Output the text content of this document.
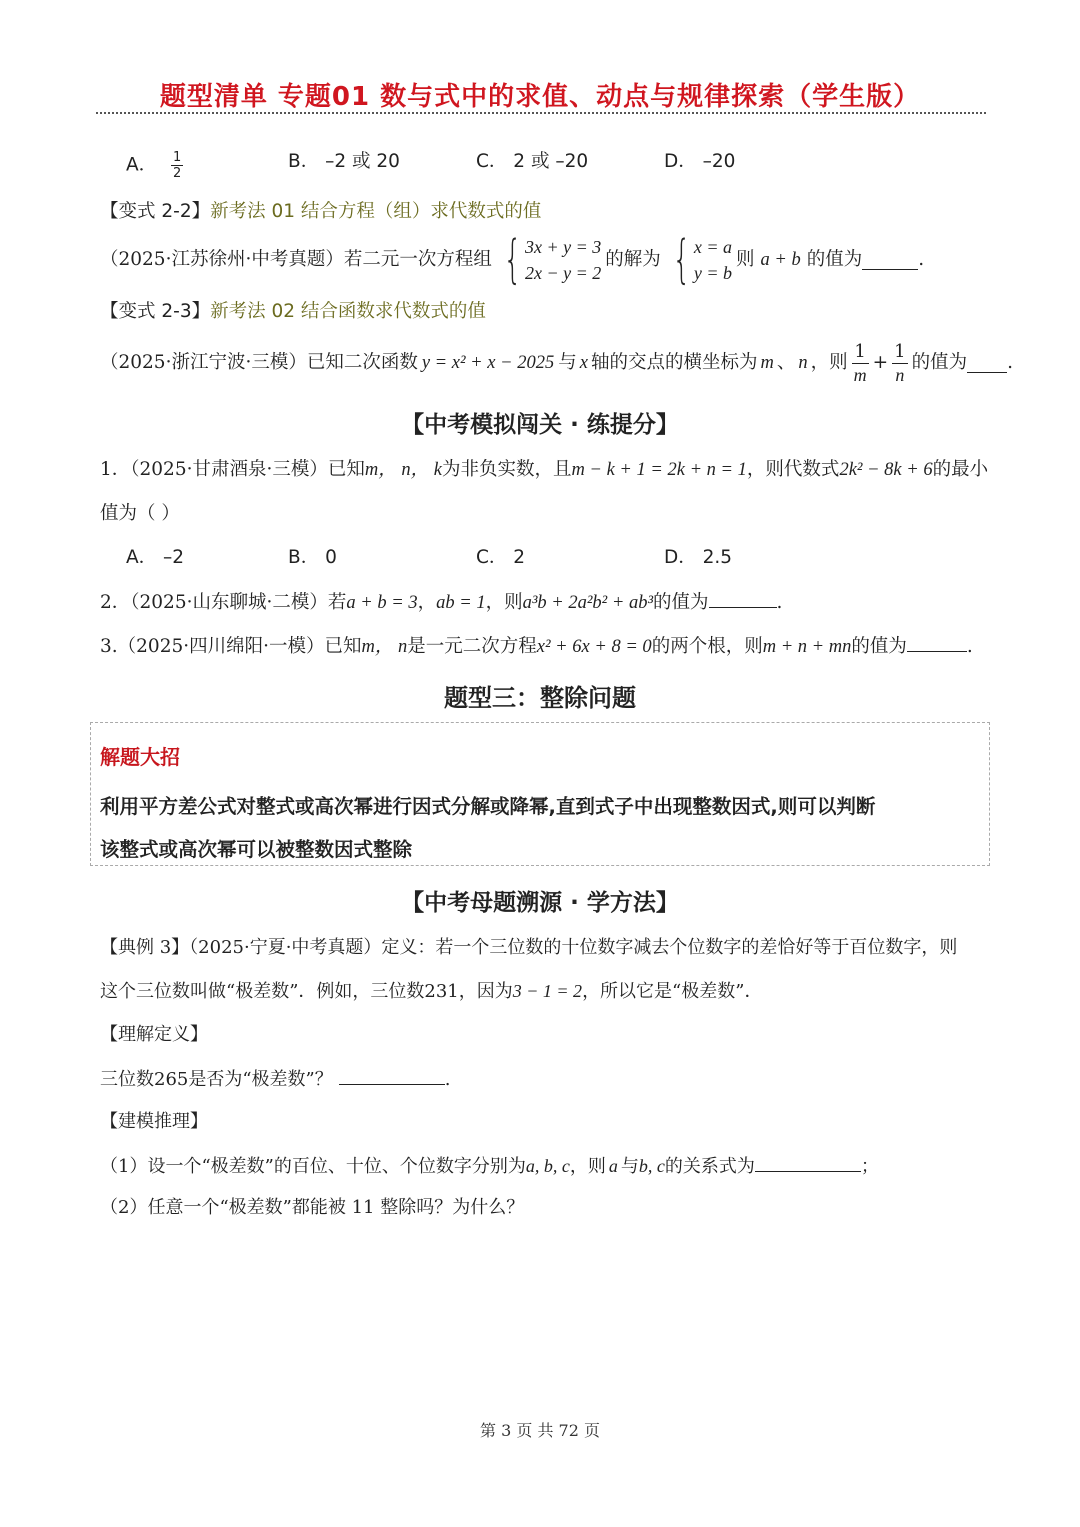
题型清单 专题01 数与式中的求值、动点与规律探索（学生版）
A． $\frac{1}{2}$	B． –2 或 20	C． 2 或 –20	D． –20
【变式 2-2】新考法 01 结合方程（组）求代数式的值
（2025·江苏徐州·中考真题）若二元一次方程组 { 3x + y = 3
2x − y = 2
的解为 { x = a
y = b
则 a + b 的值为	.
【变式 2-3】新考法 02 结合函数求代数式的值
（2025·浙江宁波·三模）已知二次函数 y = x² + x − 2025 与 x 轴的交点的横坐标为 m 、 n ，则 $\frac{1}{m} + \frac{1}{n}$ 的值为 .
【中考模拟闯关 · 练提分】
1．（2025·甘肃酒泉·三模）已知m， n， k为非负实数，且m − k + 1 = 2k + n = 1，则代数式2k² − 8k + 6的最小
值为（ ）
A． –2	B． 0	C． 2	D． 2.5
2．（2025·山东聊城·二模）若a + b = 3，ab = 1，则a³b + 2a²b² + ab³的值为	.
3.（2025·四川绵阳·一模）已知m， n是一元二次方程x² + 6x + 8 = 0的两个根，则m + n + mn的值为	.
题型三：整除问题
解题大招
利用平方差公式对整式或高次幂进行因式分解或降幂,直到式子中出现整数因式,则可以判断
该整式或高次幂可以被整数因式整除
【中考母题溯源 · 学方法】
【典例 3】（2025·宁夏·中考真题）定义：若一个三位数的十位数字减去个位数字的差恰好等于百位数字，则
这个三位数叫做“极差数”．例如，三位数231，因为3 − 1 = 2，所以它是“极差数”．
【理解定义】
三位数265是否为“极差数”？	.
【建模推理】
（1）设一个“极差数”的百位、十位、个位数字分别为a, b, c，则 a 与b, c的关系式为	；
（2）任意一个“极差数”都能被 11 整除吗？为什么？
第 3 页 共 72 页
